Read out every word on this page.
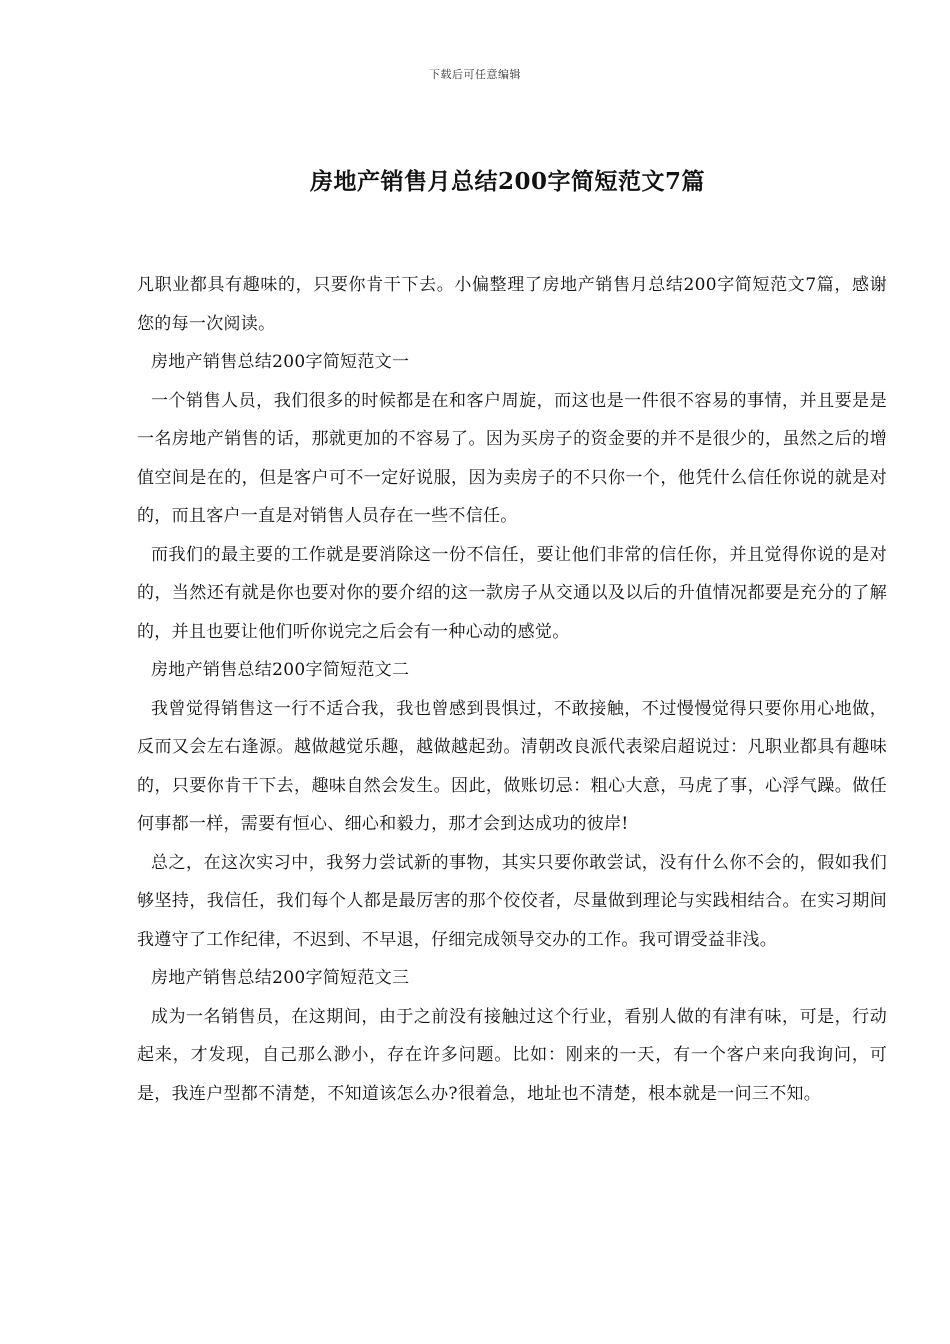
下载后可任意编辑
房地产销售月总结200字简短范文7篇

凡职业都具有趣味的，只要你肯干下去。小偏整理了房地产销售月总结200字简短范文7篇，感谢您的每一次阅读。

房地产销售总结200字简短范文一

一个销售人员，我们很多的时候都是在和客户周旋，而这也是一件很不容易的事情，并且要是是一名房地产销售的话，那就更加的不容易了。因为买房子的资金要的并不是很少的，虽然之后的增值空间是在的，但是客户可不一定好说服，因为卖房子的不只你一个，他凭什么信任你说的就是对的，而且客户一直是对销售人员存在一些不信任。

而我们的最主要的工作就是要消除这一份不信任，要让他们非常的信任你，并且觉得你说的是对的，当然还有就是你也要对你的要介绍的这一款房子从交通以及以后的升值情况都要是充分的了解的，并且也要让他们听你说完之后会有一种心动的感觉。

房地产销售总结200字简短范文二

我曾觉得销售这一行不适合我，我也曾感到畏惧过，不敢接触，不过慢慢觉得只要你用心地做，反而又会左右逢源。越做越觉乐趣，越做越起劲。清朝改良派代表梁启超说过：凡职业都具有趣味的，只要你肯干下去，趣味自然会发生。因此，做账切忌：粗心大意，马虎了事，心浮气躁。做任何事都一样，需要有恒心、细心和毅力，那才会到达成功的彼岸!

总之，在这次实习中，我努力尝试新的事物，其实只要你敢尝试，没有什么你不会的，假如我们够坚持，我信任，我们每个人都是最厉害的那个佼佼者，尽量做到理论与实践相结合。在实习期间我遵守了工作纪律，不迟到、不早退，仔细完成领导交办的工作。我可谓受益非浅。

房地产销售总结200字简短范文三

成为一名销售员，在这期间，由于之前没有接触过这个行业，看别人做的有津有味，可是，行动起来，才发现，自己那么渺小，存在许多问题。比如：刚来的一天，有一个客户来向我询问，可是，我连户型都不清楚，不知道该怎么办?很着急，地址也不清楚，根本就是一问三不知。
